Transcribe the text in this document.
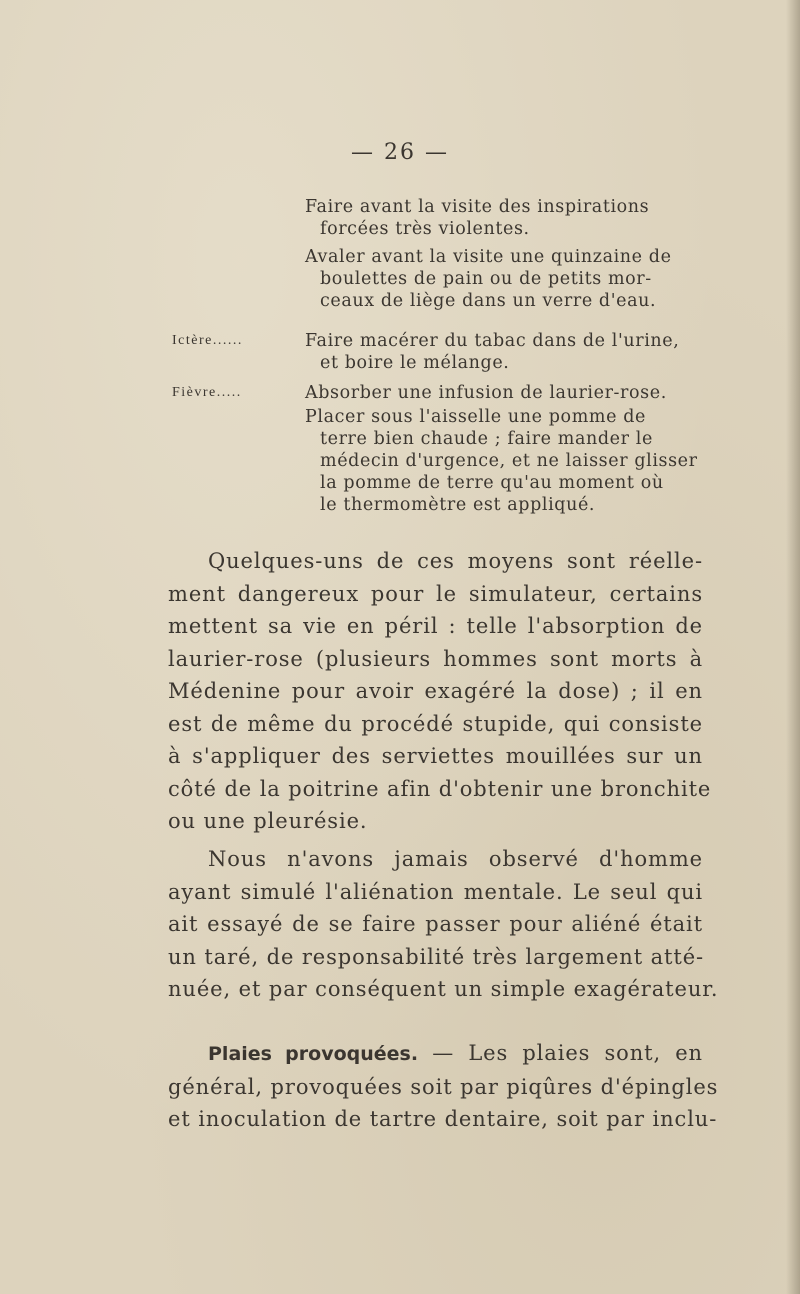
— 26 —
Faire avant la visite des inspirations
forcées très violentes.
Avaler avant la visite une quinzaine de
boulettes de pain ou de petits mor-
ceaux de liège dans un verre d'eau.
Ictère......	Faire macérer du tabac dans de l'urine,
et boire le mélange.
Fièvre.....	Absorber une infusion de laurier-rose.
Placer sous l'aisselle une pomme de
terre bien chaude ; faire mander le
médecin d'urgence, et ne laisser glisser
la pomme de terre qu'au moment où
le thermomètre est appliqué.

Quelques-uns de ces moyens sont réelle-
ment dangereux pour le simulateur, certains
mettent sa vie en péril : telle l'absorption de
laurier-rose (plusieurs hommes sont morts à
Médenine pour avoir exagéré la dose) ; il en
est de même du procédé stupide, qui consiste
à s'appliquer des serviettes mouillées sur un
côté de la poitrine afin d'obtenir une bronchite
ou une pleurésie.

Nous n'avons jamais observé d'homme
ayant simulé l'aliénation mentale. Le seul qui
ait essayé de se faire passer pour aliéné était
un taré, de responsabilité très largement atté-
nuée, et par conséquent un simple exagérateur.

Plaies provoquées. — Les plaies sont, en
général, provoquées soit par piqûres d'épingles
et inoculation de tartre dentaire, soit par inclu-
